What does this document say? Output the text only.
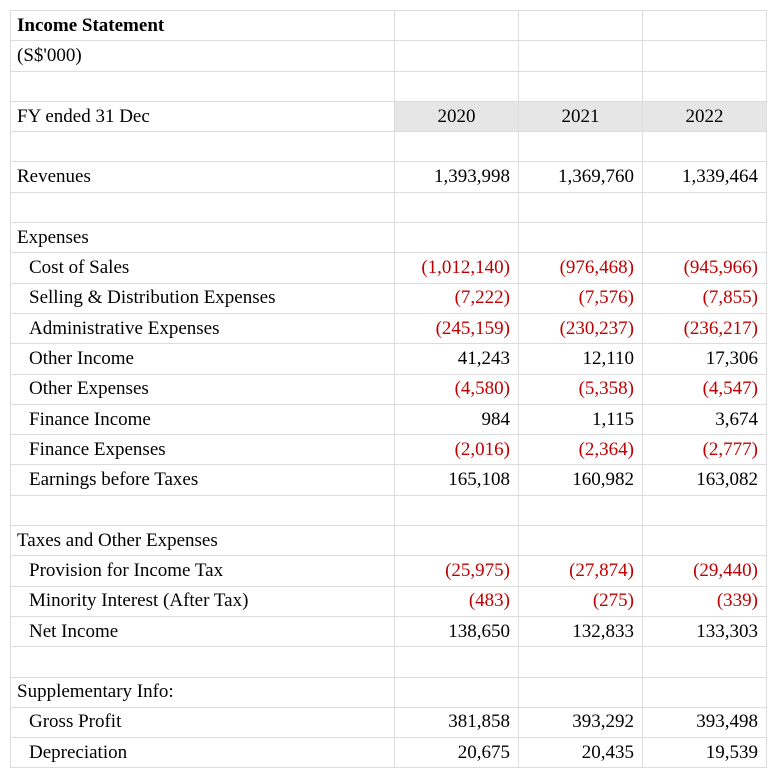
Income Statement			
(S$'000)			

FY ended 31 Dec	2020	2021	2022

Revenues	1,393,998	1,369,760	1,339,464

Expenses			
Cost of Sales	(1,012,140)	(976,468)	(945,966)
Selling & Distribution Expenses	(7,222)	(7,576)	(7,855)
Administrative Expenses	(245,159)	(230,237)	(236,217)
Other Income	41,243	12,110	17,306
Other Expenses	(4,580)	(5,358)	(4,547)
Finance Income	984	1,115	3,674
Finance Expenses	(2,016)	(2,364)	(2,777)
Earnings before Taxes	165,108	160,982	163,082

Taxes and Other Expenses			
Provision for Income Tax	(25,975)	(27,874)	(29,440)
Minority Interest (After Tax)	(483)	(275)	(339)
Net Income	138,650	132,833	133,303

Supplementary Info:			
Gross Profit	381,858	393,292	393,498
Depreciation	20,675	20,435	19,539
